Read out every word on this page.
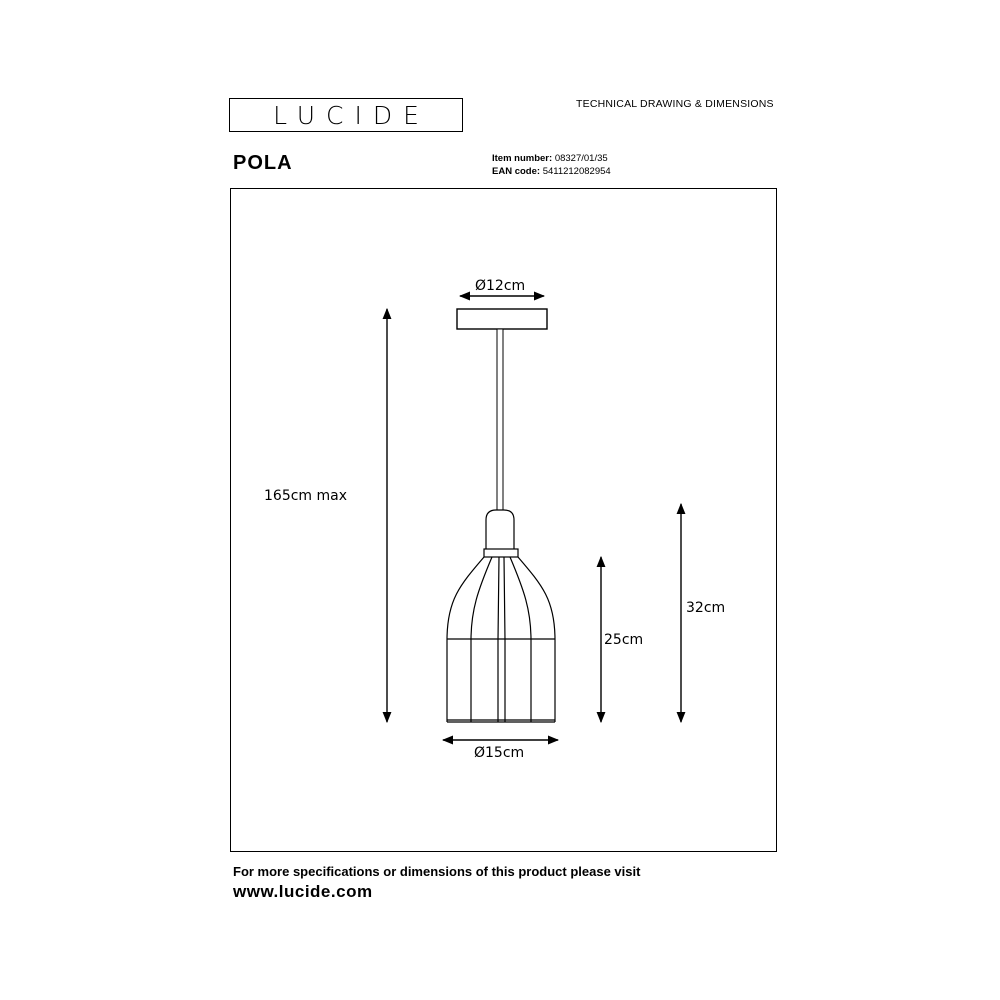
LUCIDE	TECHNICAL DRAWING & DIMENSIONS
POLA	Item number: 08327/01/35
EAN code: 5411212082954
Ø12cm
165cm max
32cm
25cm
Ø15cm
For more specifications or dimensions of this product please visit
www.lucide.com
